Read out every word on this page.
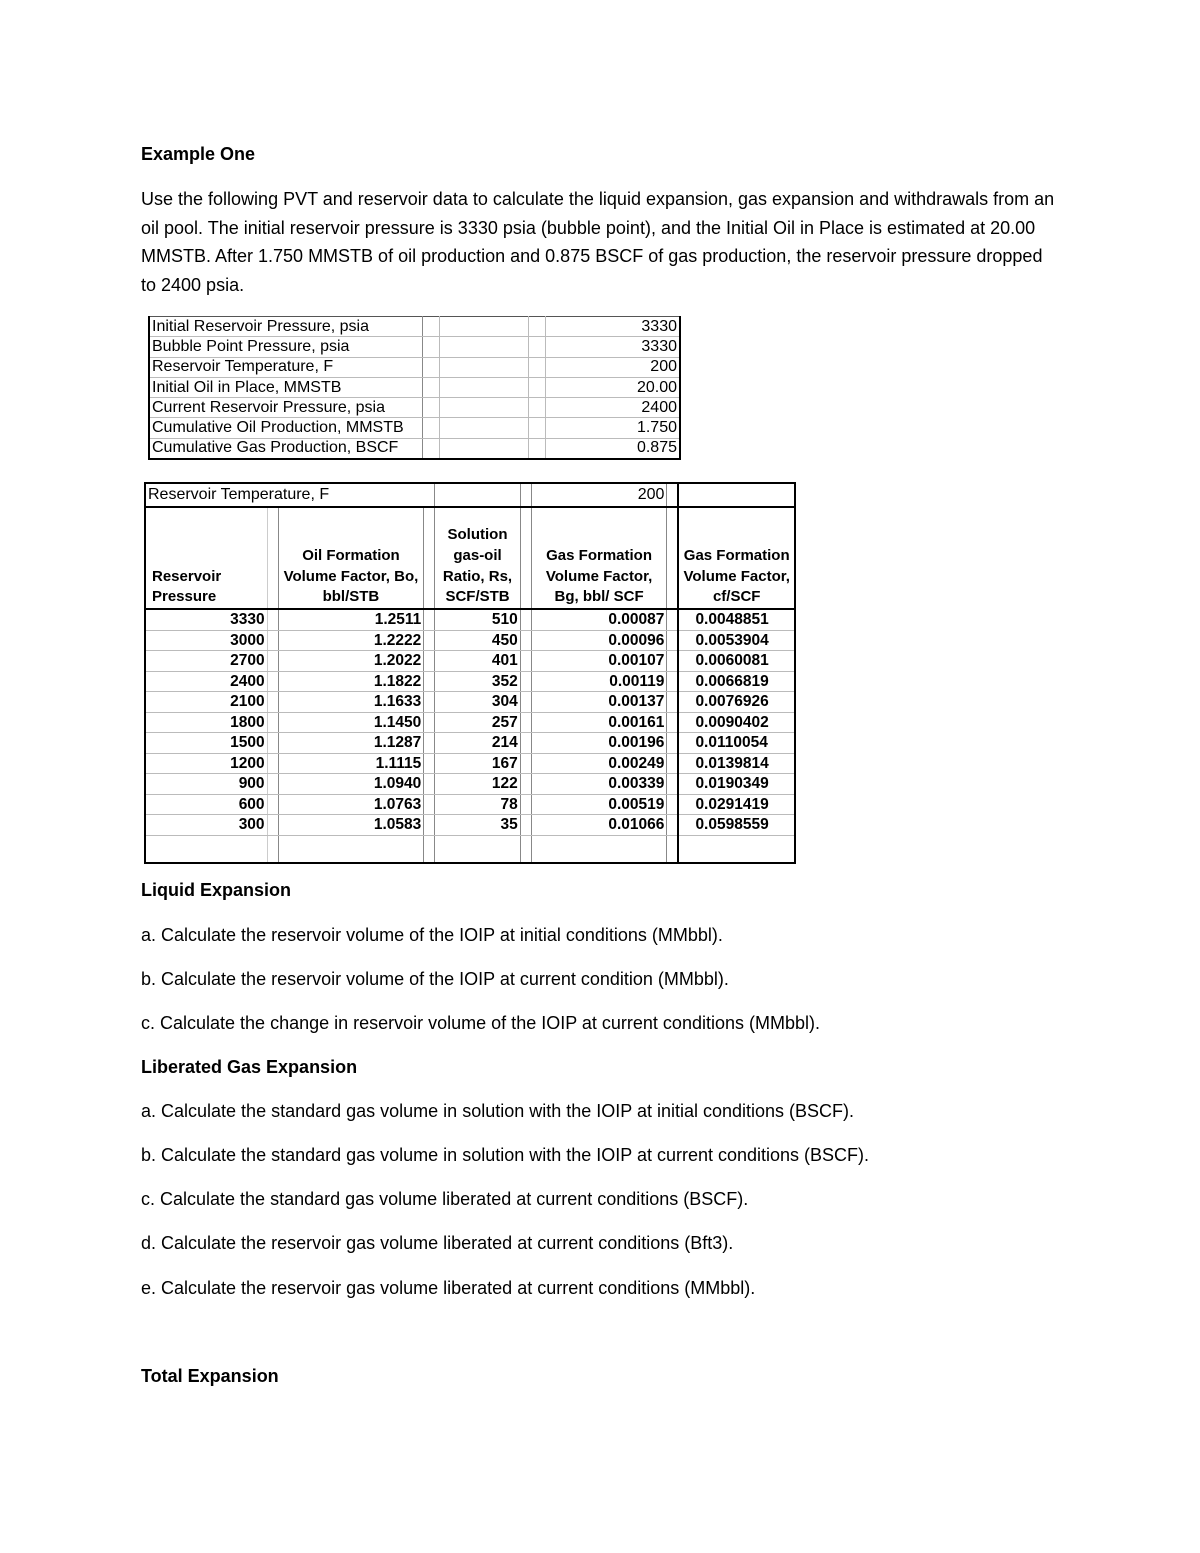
Example One
Use the following PVT and reservoir data to calculate the liquid expansion, gas expansion and withdrawals from an oil pool. The initial reservoir pressure is 3330 psia (bubble point), and the Initial Oil in Place is estimated at 20.00 MMSTB. After 1.750 MMSTB of oil production and 0.875 BSCF of gas production, the reservoir pressure dropped to 2400 psia.
Initial Reservoir Pressure, psia				3330
Bubble Point Pressure, psia				3330
Reservoir Temperature, F				200
Initial Oil in Place, MMSTB				20.00
Current Reservoir Pressure, psia				2400
Cumulative Oil Production, MMSTB				1.750
Cumulative Gas Production, BSCF				0.875
Reservoir Temperature, F						200		
Reservoir Pressure		Oil Formation Volume Factor, Bo, bbl/STB		Solution gas-oil Ratio, Rs, SCF/STB		Gas Formation Volume Factor, Bg, bbl/ SCF		Gas Formation Volume Factor, cf/SCF
3330		1.2511		510		0.00087		0.0048851
3000		1.2222		450		0.00096		0.0053904
2700		1.2022		401		0.00107		0.0060081
2400		1.1822		352		0.00119		0.0066819
2100		1.1633		304		0.00137		0.0076926
1800		1.1450		257		0.00161		0.0090402
1500		1.1287		214		0.00196		0.0110054
1200		1.1115		167		0.00249		0.0139814
900		1.0940		122		0.00339		0.0190349
600		1.0763		78		0.00519		0.0291419
300		1.0583		35		0.01066		0.0598559

Liquid Expansion
a. Calculate the reservoir volume of the IOIP at initial conditions (MMbbl).
b. Calculate the reservoir volume of the IOIP at current condition (MMbbl).
c. Calculate the change in reservoir volume of the IOIP at current conditions (MMbbl).
Liberated Gas Expansion
a. Calculate the standard gas volume in solution with the IOIP at initial conditions (BSCF).
b. Calculate the standard gas volume in solution with the IOIP at current conditions (BSCF).
c. Calculate the standard gas volume liberated at current conditions (BSCF).
d. Calculate the reservoir gas volume liberated at current conditions (Bft3).
e. Calculate the reservoir gas volume liberated at current conditions (MMbbl).
Total Expansion
